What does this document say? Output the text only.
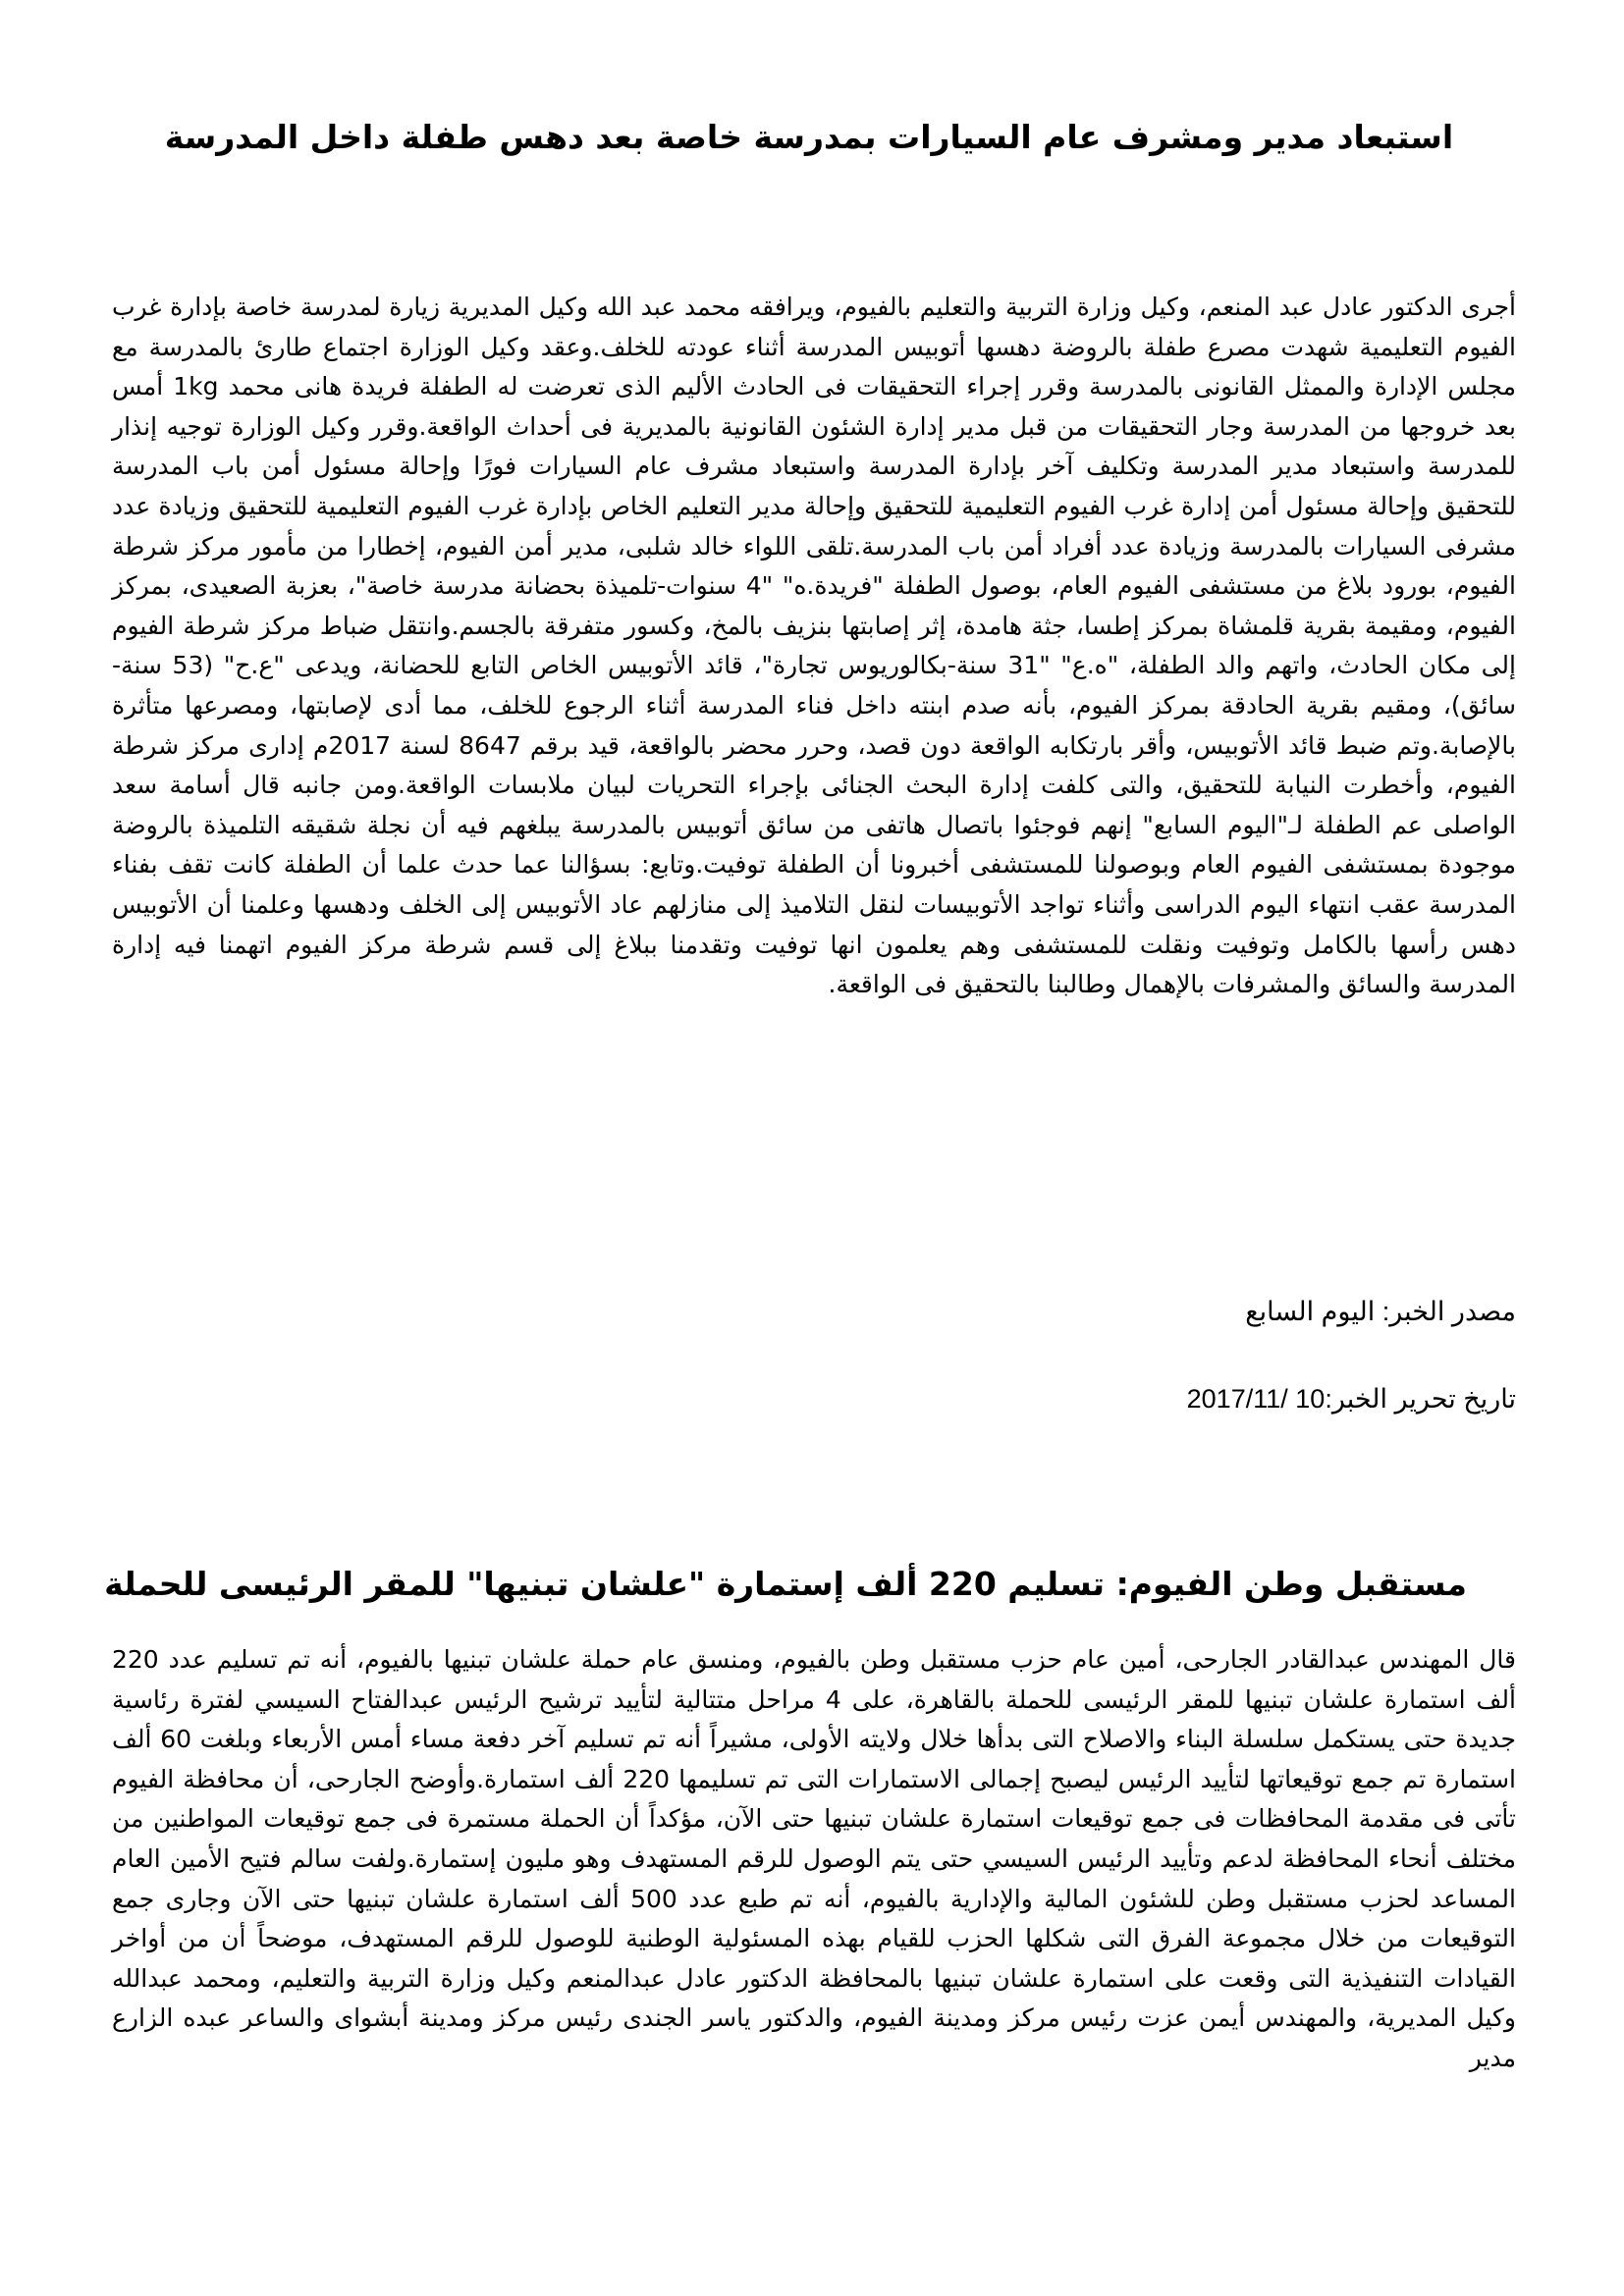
استبعاد مدير ومشرف عام السيارات بمدرسة خاصة بعد دهس طفلة داخل المدرسة

أجرى الدكتور عادل عبد المنعم، وكيل وزارة التربية والتعليم بالفيوم، ويرافقه محمد عبد الله وكيل المديرية زيارة لمدرسة خاصة بإدارة غرب الفيوم التعليمية شهدت مصرع طفلة بالروضة دهسها أتوبيس المدرسة أثناء عودته للخلف.وعقد وكيل الوزارة اجتماع طارئ بالمدرسة مع مجلس الإدارة والممثل القانونى بالمدرسة وقرر إجراء التحقيقات فى الحادث الأليم الذى تعرضت له الطفلة فريدة هانى محمد 1kg أمس بعد خروجها من المدرسة وجار التحقيقات من قبل مدير إدارة الشئون القانونية بالمديرية فى أحداث الواقعة.وقرر وكيل الوزارة توجيه إنذار للمدرسة واستبعاد مدير المدرسة وتكليف آخر بإدارة المدرسة واستبعاد مشرف عام السيارات فورًا وإحالة مسئول أمن باب المدرسة للتحقيق وإحالة مسئول أمن إدارة غرب الفيوم التعليمية للتحقيق وإحالة مدير التعليم الخاص بإدارة غرب الفيوم التعليمية للتحقيق وزيادة عدد مشرفى السيارات بالمدرسة وزيادة عدد أفراد أمن باب المدرسة.تلقى اللواء خالد شلبى، مدير أمن الفيوم، إخطارا من مأمور مركز شرطة الفيوم، بورود بلاغ من مستشفى الفيوم العام، بوصول الطفلة "فريدة.ه" "4 سنوات-تلميذة بحضانة مدرسة خاصة"، بعزبة الصعيدى، بمركز الفيوم، ومقيمة بقرية قلمشاة بمركز إطسا، جثة هامدة، إثر إصابتها بنزيف بالمخ، وكسور متفرقة بالجسم.وانتقل ضباط مركز شرطة الفيوم إلى مكان الحادث، واتهم والد الطفلة، "ه.ع" "31 سنة-بكالوريوس تجارة"، قائد الأتوبيس الخاص التابع للحضانة، ويدعى "ع.ح" (53 سنة-سائق)، ومقيم بقرية الحادقة بمركز الفيوم، بأنه صدم ابنته داخل فناء المدرسة أثناء الرجوع للخلف، مما أدى لإصابتها، ومصرعها متأثرة بالإصابة.وتم ضبط قائد الأتوبيس، وأقر بارتكابه الواقعة دون قصد، وحرر محضر بالواقعة، قيد برقم 8647 لسنة 2017م إدارى مركز شرطة الفيوم، وأخطرت النيابة للتحقيق، والتى كلفت إدارة البحث الجنائى بإجراء التحريات لبيان ملابسات الواقعة.ومن جانبه قال أسامة سعد الواصلى عم الطفلة لـ"اليوم السابع" إنهم فوجئوا باتصال هاتفى من سائق أتوبيس بالمدرسة يبلغهم فيه أن نجلة شقيقه التلميذة بالروضة موجودة بمستشفى الفيوم العام وبوصولنا للمستشفى أخبرونا أن الطفلة توفيت.وتابع: بسؤالنا عما حدث علما أن الطفلة كانت تقف بفناء المدرسة عقب انتهاء اليوم الدراسى وأثناء تواجد الأتوبيسات لنقل التلاميذ إلى منازلهم عاد الأتوبيس إلى الخلف ودهسها وعلمنا أن الأتوبيس دهس رأسها بالكامل وتوفيت ونقلت للمستشفى وهم يعلمون انها توفيت وتقدمنا ببلاغ إلى قسم شرطة مركز الفيوم اتهمنا فيه إدارة المدرسة والسائق والمشرفات بالإهمال وطالبنا بالتحقيق فى الواقعة.

مصدر الخبر: اليوم السابع

تاريخ تحرير الخبر:10 /2017/11

مستقبل وطن الفيوم: تسليم 220 ألف إستمارة "علشان تبنيها" للمقر الرئيسى للحملة

قال المهندس عبدالقادر الجارحى، أمين عام حزب مستقبل وطن بالفيوم، ومنسق عام حملة علشان تبنيها بالفيوم، أنه تم تسليم عدد 220 ألف استمارة علشان تبنيها للمقر الرئيسى للحملة بالقاهرة، على 4 مراحل متتالية لتأييد ترشيح الرئيس عبدالفتاح السيسي لفترة رئاسية جديدة حتى يستكمل سلسلة البناء والاصلاح التى بدأها خلال ولايته الأولى، مشيراً أنه تم تسليم آخر دفعة مساء أمس الأربعاء وبلغت 60 ألف استمارة تم جمع توقيعاتها لتأييد الرئيس ليصبح إجمالى الاستمارات التى تم تسليمها 220 ألف استمارة.وأوضح الجارحى، أن محافظة الفيوم تأتى فى مقدمة المحافظات فى جمع توقيعات استمارة علشان تبنيها حتى الآن، مؤكداً أن الحملة مستمرة فى جمع توقيعات المواطنين من مختلف أنحاء المحافظة لدعم وتأييد الرئيس السيسي حتى يتم الوصول للرقم المستهدف وهو مليون إستمارة.ولفت سالم فتيح الأمين العام المساعد لحزب مستقبل وطن للشئون المالية والإدارية بالفيوم، أنه تم طبع عدد 500 ألف استمارة علشان تبنيها حتى الآن وجارى جمع التوقيعات من خلال مجموعة الفرق التى شكلها الحزب للقيام بهذه المسئولية الوطنية للوصول للرقم المستهدف، موضحاً أن من أواخر القيادات التنفيذية التى وقعت على استمارة علشان تبنيها بالمحافظة الدكتور عادل عبدالمنعم وكيل وزارة التربية والتعليم، ومحمد عبدالله وكيل المديرية، والمهندس أيمن عزت رئيس مركز ومدينة الفيوم، والدكتور ياسر الجندى رئيس مركز ومدينة أبشواى والساعر عبده الزارع مدير
